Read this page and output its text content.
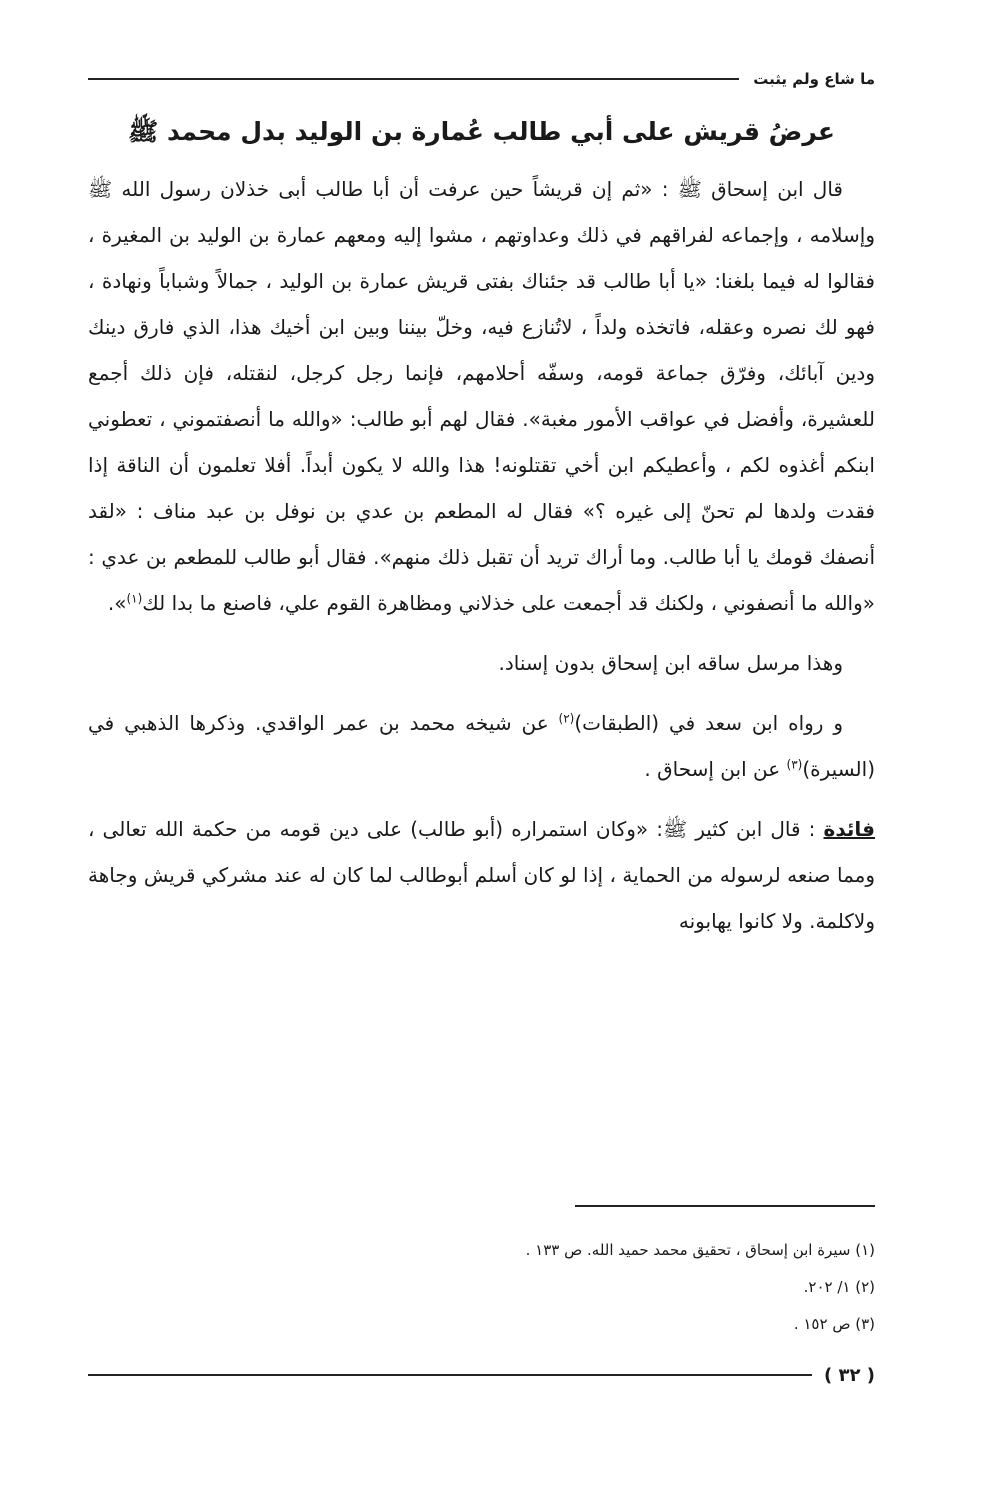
ما شاع ولم يثبت
عرضُ قريش على أبي طالب عُمارة بن الوليد بدل محمد ﷺ

قال ابن إسحاق ﷺ : «ثم إن قريشاً حين عرفت أن أبا طالب أبى خذلان رسول الله ﷺ وإسلامه ، وإجماعه لفراقهم في ذلك وعداوتهم ، مشوا إليه ومعهم عمارة بن الوليد بن المغيرة ، فقالوا له فيما بلغنا: «يا أبا طالب قد جئناك بفتى قريش عمارة بن الوليد ، جمالاً وشباباً ونهادة ، فهو لك نصره وعقله، فاتخذه ولداً ، لاتُنازع فيه، وخلّ بيننا وبين ابن أخيك هذا، الذي فارق دينك ودين آبائك، وفرّق جماعة قومه، وسفّه أحلامهم، فإنما رجل كرجل، لنقتله، فإن ذلك أجمع للعشيرة، وأفضل في عواقب الأمور مغبة». فقال لهم أبو طالب: «والله ما أنصفتموني ، تعطوني ابنكم أغذوه لكم ، وأعطيكم ابن أخي تقتلونه! هذا والله لا يكون أبداً. أفلا تعلمون أن الناقة إذا فقدت ولدها لم تحنّ إلى غيره ؟» فقال له المطعم بن عدي بن نوفل بن عبد مناف : «لقد أنصفك قومك يا أبا طالب. وما أراك تريد أن تقبل ذلك منهم». فقال أبو طالب للمطعم بن عدي : «والله ما أنصفوني ، ولكنك قد أجمعت على خذلاني ومظاهرة القوم علي، فاصنع ما بدا لك$^{(١)}$».

وهذا مرسل ساقه ابن إسحاق بدون إسناد.

و رواه ابن سعد في (الطبقات)$^{(٢)}$ عن شيخه محمد بن عمر الواقدي. وذكرها الذهبي في (السيرة)$^{(٣)}$ عن ابن إسحاق .

فائدة : قال ابن كثير ﷺ: «وكان استمراره (أبو طالب) على دين قومه من حكمة الله تعالى ، ومما صنعه لرسوله من الحماية ، إذا لو كان أسلم أبوطالب لما كان له عند مشركي قريش وجاهة ولاكلمة. ولا كانوا يهابونه

(١) سيرة ابن إسحاق ، تحقيق محمد حميد الله. ص ١٣٣ .
(٢) ١/ ٢٠٢.
(٣) ص ١٥٢ .
( ٣٢ )
